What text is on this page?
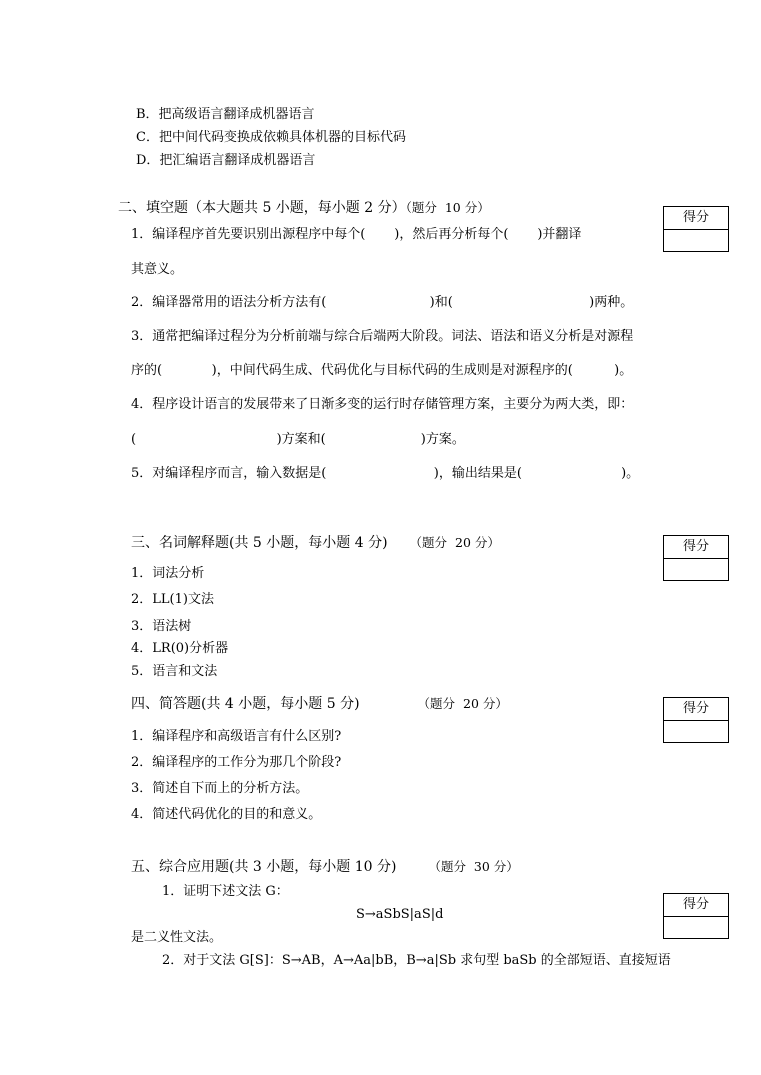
B．把高级语言翻译成机器语言
C．把中间代码变换成依赖具体机器的目标代码
D．把汇编语言翻译成机器语言
二、填空题（本大题共 5 小题，每小题 2 分）（题分  10 分）
得分
1．编译程序首先要识别出源程序中每个(       )，然后再分析每个(       )并翻译
其意义。
2．编译器常用的语法分析方法有(                         )和(                                 )两种。
3．通常把编译过程分为分析前端与综合后端两大阶段。词法、语法和语义分析是对源程
序的(            )，中间代码生成、代码优化与目标代码的生成则是对源程序的(          )。
4．程序设计语言的发展带来了日渐多变的运行时存储管理方案，主要分为两大类，即：
(                                  )方案和(                       )方案。
5．对编译程序而言，输入数据是(                          )，输出结果是(                        )。
三、名词解释题(共 5 小题，每小题 4 分) （题分  20 分）	得分
1．词法分析
2．LL(1)文法
3．语法树
4．LR(0)分析器
5．语言和文法
四、简答题(共 4 小题，每小题 5 分)	（题分  20 分）	得分
1．编译程序和高级语言有什么区别?
2．编译程序的工作分为那几个阶段?
3．简述自下而上的分析方法。
4．简述代码优化的目的和意义。
五、综合应用题(共 3 小题，每小题 10 分)	（题分  30 分）
1．证明下述文法 G：
得分
S→aSbS|aS|d
是二义性文法。
2．对于文法 G[S]：S→AB，A→Aa|bB，B→a|Sb 求句型 baSb 的全部短语、直接短语
